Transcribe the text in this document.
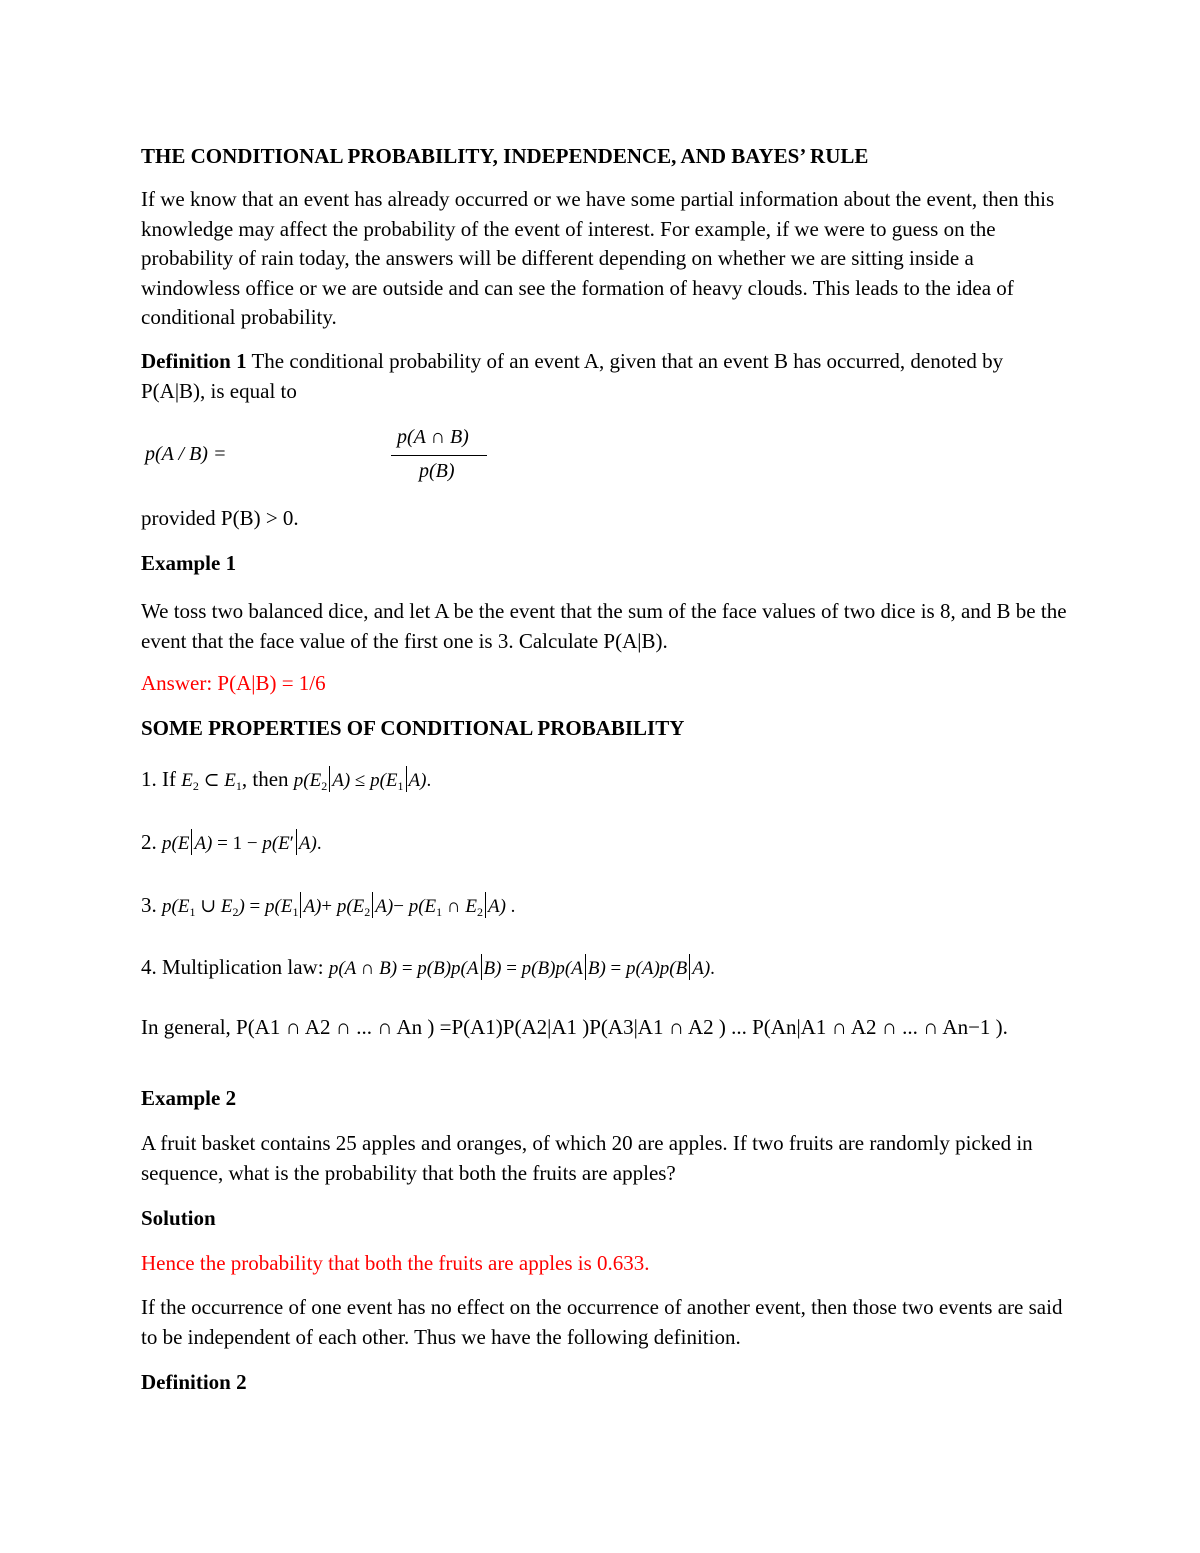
THE CONDITIONAL PROBABILITY, INDEPENDENCE, AND BAYES’ RULE

If we know that an event has already occurred or we have some partial information about the event, then this knowledge may affect the probability of the event of interest. For example, if we were to guess on the probability of rain today, the answers will be different depending on whether we are sitting inside a windowless office or we are outside and can see the formation of heavy clouds. This leads to the idea of conditional probability.

Definition 1 The conditional probability of an event A, given that an event B has occurred, denoted by P(A|B), is equal to

p(A / B) =
p(A ∩ B)
p(B)

provided P(B) > 0.

Example 1

We toss two balanced dice, and let A be the event that the sum of the face values of two dice is 8, and B be the event that the face value of the first one is 3. Calculate P(A|B).

Answer: P(A|B) = 1/6

SOME PROPERTIES OF CONDITIONAL PROBABILITY

1. If $E_2$ ⊂ $E_1$, then $p(E_2$ $A) \le p(E_1$ A).

2. p(E A) = 1 − p(E′ A).

3. $p(E_1$ ∪ $E_2) = p(E_1$ $A)+ p(E_2$ $A)- p(E_1$ ∩ $E_2$ A) .

4. Multiplication law: p(A ∩ B) = p(B)p(A B) = p(B)p(A B) = p(A)p(B A).

In general, P(A1 ∩ A2 ∩ ... ∩ An ) =P(A1)P(A2|A1 )P(A3|A1 ∩ A2 ) ... P(An|A1 ∩ A2 ∩ ... ∩ An−1 ).

Example 2

A fruit basket contains 25 apples and oranges, of which 20 are apples. If two fruits are randomly picked in sequence, what is the probability that both the fruits are apples?

Solution

Hence the probability that both the fruits are apples is 0.633.

If the occurrence of one event has no effect on the occurrence of another event, then those two events are said to be independent of each other. Thus we have the following definition.

Definition 2
